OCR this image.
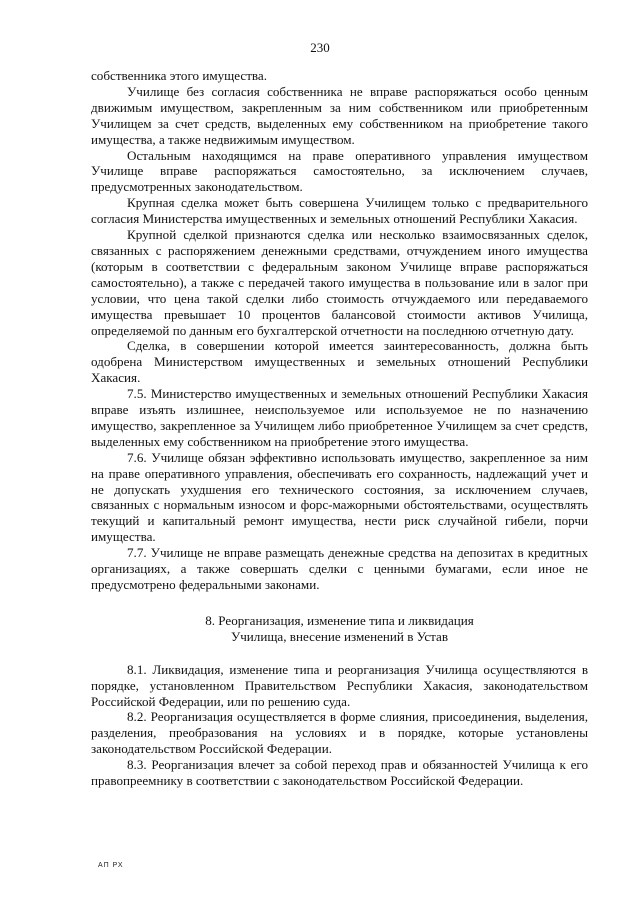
230

собственника этого имущества.

Училище без согласия собственника не вправе распоряжаться особо ценным движимым имуществом, закрепленным за ним собственником или приобретенным Училищем за счет средств, выделенных ему собственником на приобретение такого имущества, а также недвижимым имуществом.

Остальным находящимся на праве оперативного управления имуществом Училище вправе распоряжаться самостоятельно, за исключением случаев, предусмотренных законодательством.

Крупная сделка может быть совершена Училищем только с предварительного согласия Министерства имущественных и земельных отношений Республики Хакасия.

Крупной сделкой признаются сделка или несколько взаимосвязанных сделок, связанных с распоряжением денежными средствами, отчуждением иного имущества (которым в соответствии с федеральным законом Училище вправе распоряжаться самостоятельно), а также с передачей такого имущества в пользование или в залог при условии, что цена такой сделки либо стоимость отчуждаемого или передаваемого имущества превышает 10 процентов балансовой стоимости активов Училища, определяемой по данным его бухгалтерской отчетности на последнюю отчетную дату.

Сделка, в совершении которой имеется заинтересованность, должна быть одобрена Министерством имущественных и земельных отношений Республики Хакасия.

7.5. Министерство имущественных и земельных отношений Республики Хакасия вправе изъять излишнее, неиспользуемое или используемое не по назначению имущество, закрепленное за Училищем либо приобретенное Училищем за счет средств, выделенных ему собственником на приобретение этого имущества.

7.6. Училище обязан эффективно использовать имущество, закрепленное за ним на праве оперативного управления, обеспечивать его сохранность, надлежащий учет и не допускать ухудшения его технического состояния, за исключением случаев, связанных с нормальным износом и форс-мажорными обстоятельствами, осуществлять текущий и капитальный ремонт имущества, нести риск случайной гибели, порчи имущества.

7.7. Училище не вправе размещать денежные средства на депозитах в кредитных организациях, а также совершать сделки с ценными бумагами, если иное не предусмотрено федеральными законами.

8. Реорганизация, изменение типа и ликвидация
Училища, внесение изменений в Устав

8.1. Ликвидация, изменение типа и реорганизация Училища осуществляются в порядке, установленном Правительством Республики Хакасия, законодательством Российской Федерации, или по решению суда.

8.2. Реорганизация осуществляется в форме слияния, присоединения, выделения, разделения, преобразования на условиях и в порядке, которые установлены законодательством Российской Федерации.

8.3. Реорганизация влечет за собой переход прав и обязанностей Училища к его правопреемнику в соответствии с законодательством Российской Федерации.

АП РХ
